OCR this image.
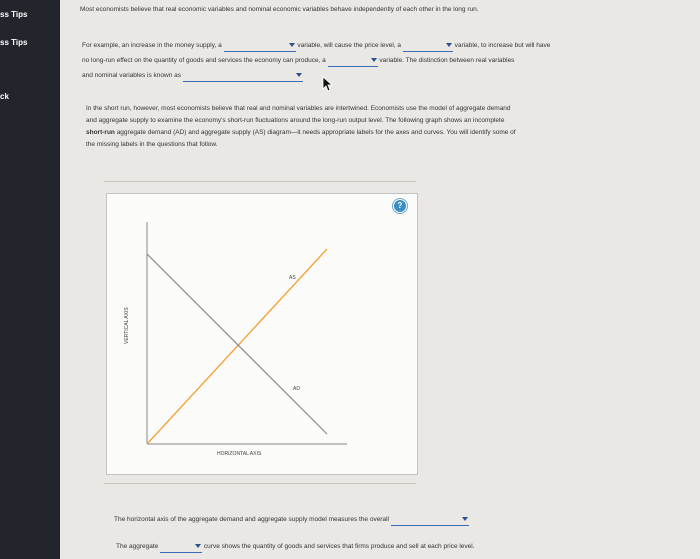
ss Tips
ss Tips
ck
Most economists believe that real economic variables and nominal economic variables behave independently of each other in the long run.
For example, an increase in the money supply, a	variable, will cause the price level, a	variable, to increase but will have
no long-run effect on the quantity of goods and services the economy can produce, a	variable. The distinction between real variables
and nominal variables is known as
In the short run, however, most economists believe that real and nominal variables are intertwined. Economists use the model of aggregate demand
and aggregate supply to examine the economy's short-run fluctuations around the long-run output level. The following graph shows an incomplete
short-run aggregate demand (AD) and aggregate supply (AS) diagram—it needs appropriate labels for the axes and curves. You will identify some of
the missing labels in the questions that follow.
?
AS
AD
HORIZONTAL AXIS
VERTICAL AXIS
The horizontal axis of the aggregate demand and aggregate supply model measures the overall
The aggregate	curve shows the quantity of goods and services that firms produce and sell at each price level.
